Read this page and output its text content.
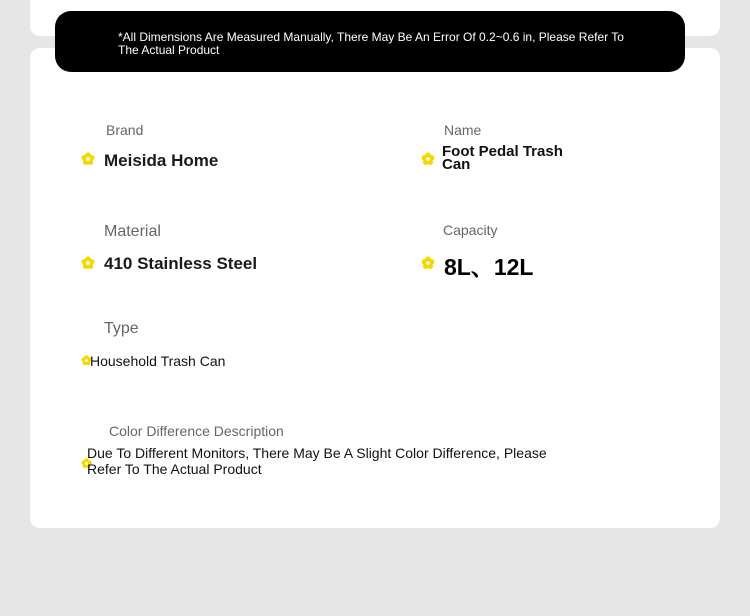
*All Dimensions Are Measured Manually, There May Be An Error Of 0.2~0.6 in, Please Refer To The Actual Product
Brand
Meisida Home
Name
Foot Pedal Trash
Can
Material
410 Stainless Steel
Capacity
8L、12L
Type
Household Trash Can
Color Difference Description
Due To Different Monitors, There May Be A Slight Color Difference, Please
Refer To The Actual Product
